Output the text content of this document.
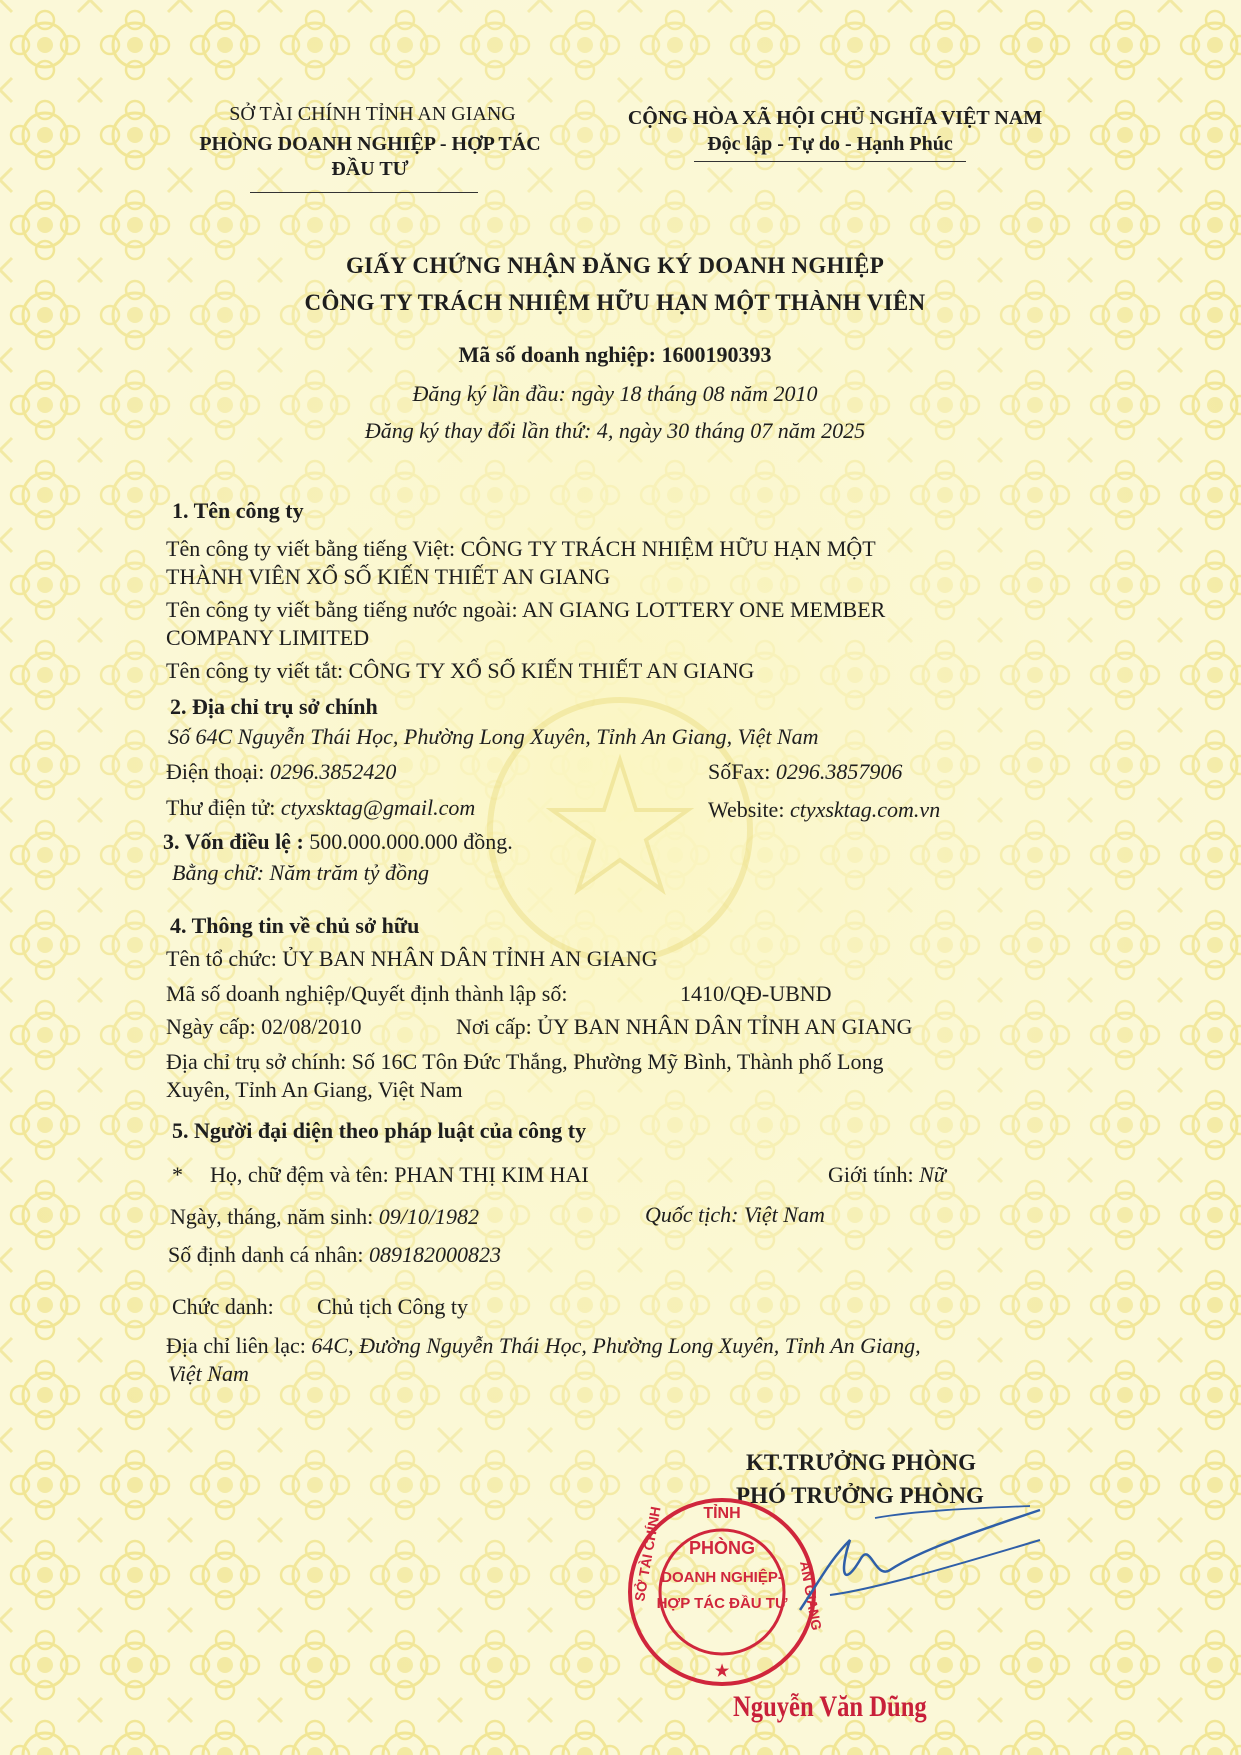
SỞ TÀI CHÍNH TỈNH AN GIANG
PHÒNG DOANH NGHIỆP - HỢP TÁC
ĐẦU TƯ
CỘNG HÒA XÃ HỘI CHỦ NGHĨA VIỆT NAM
Độc lập - Tự do - Hạnh Phúc
GIẤY CHỨNG NHẬN ĐĂNG KÝ DOANH NGHIỆP
CÔNG TY TRÁCH NHIỆM HỮU HẠN MỘT THÀNH VIÊN
Mã số doanh nghiệp: 1600190393
Đăng ký lần đầu: ngày 18 tháng 08 năm 2010
Đăng ký thay đổi lần thứ: 4, ngày 30 tháng 07 năm 2025
1. Tên công ty
Tên công ty viết bằng tiếng Việt: CÔNG TY TRÁCH NHIỆM HỮU HẠN MỘT
THÀNH VIÊN XỔ SỐ KIẾN THIẾT AN GIANG
Tên công ty viết bằng tiếng nước ngoài: AN GIANG LOTTERY ONE MEMBER
COMPANY LIMITED
Tên công ty viết tắt: CÔNG TY XỔ SỐ KIẾN THIẾT AN GIANG
2. Địa chỉ trụ sở chính
Số 64C Nguyễn Thái Học, Phường Long Xuyên, Tỉnh An Giang, Việt Nam
Điện thoại: 0296.3852420	SốFax: 0296.3857906
Thư điện tử: ctyxsktag@gmail.com	Website: ctyxsktag.com.vn
3. Vốn điều lệ : 500.000.000.000 đồng.
Bằng chữ: Năm trăm tỷ đồng
4. Thông tin về chủ sở hữu
Tên tổ chức: ỦY BAN NHÂN DÂN TỈNH AN GIANG
Mã số doanh nghiệp/Quyết định thành lập số:	1410/QĐ-UBND
Ngày cấp: 02/08/2010	Nơi cấp: ỦY BAN NHÂN DÂN TỈNH AN GIANG
Địa chỉ trụ sở chính: Số 16C Tôn Đức Thắng, Phường Mỹ Bình, Thành phố Long
Xuyên, Tỉnh An Giang, Việt Nam
5. Người đại diện theo pháp luật của công ty
* Họ, chữ đệm và tên: PHAN THỊ KIM HAI	Giới tính: Nữ
Ngày, tháng, năm sinh: 09/10/1982	Quốc tịch: Việt Nam
Số định danh cá nhân: 089182000823
Chức danh: Chủ tịch Công ty
Địa chỉ liên lạc: 64C, Đường Nguyễn Thái Học, Phường Long Xuyên, Tỉnh An Giang,
Việt Nam
KT.TRƯỞNG PHÒNG
PHÓ TRƯỞNG PHÒNG
PHÒNG
DOANH NGHIỆP-
HỢP TÁC ĐẦU TƯ
TỈNH
★
SỞ TÀI CHÍNH	AN GIANG
Nguyễn Văn Dũng
